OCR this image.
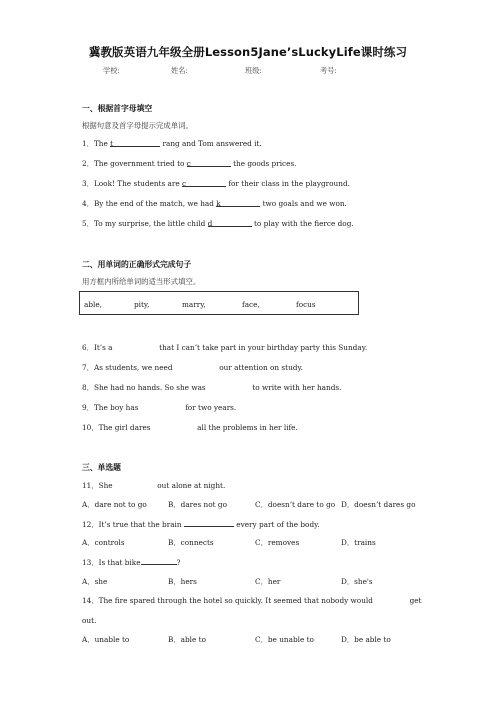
冀教版英语九年级全册Lesson5Jane’sLuckyLife课时练习
学校:	姓名:	班级:	考号:
一、根据首字母填空
根据句意及首字母提示完成单词。
1．The t	rang and Tom answered it.
2．The government tried to c	the goods prices.
3．Look! The students are c	for their class in the playground.
4．By the end of the match, we had k	two goals and we won.
5．To my surprise, the little child d	to play with the fierce dog.
二、用单词的正确形式完成句子
用方框内所给单词的适当形式填空。
able,	pity,	marry,	face,	focus
6．It’s a	that I can’t take part in your birthday party this Sunday.
7．As students, we need	our attention on study.
8．She had no hands. So she was	to write with her hands.
9．The boy has	for two years.
10．The girl dares	all the problems in her life.
三、单选题
11．She	out alone at night.
A．dare not to go	B．dares not go	C．doesn’t dare to go D．doesn’t dares go
12．It’s true that the brain	every part of the body.
A．controls	B．connects	C．removes	D．trains
13．Is that bike	?
A．she	B．hers	C．her	D．she's
14．The fire spared through the hotel so quickly. It seemed that nobody would	get
out.
A．unable to	B．able to	C．be unable to	D．be able to
